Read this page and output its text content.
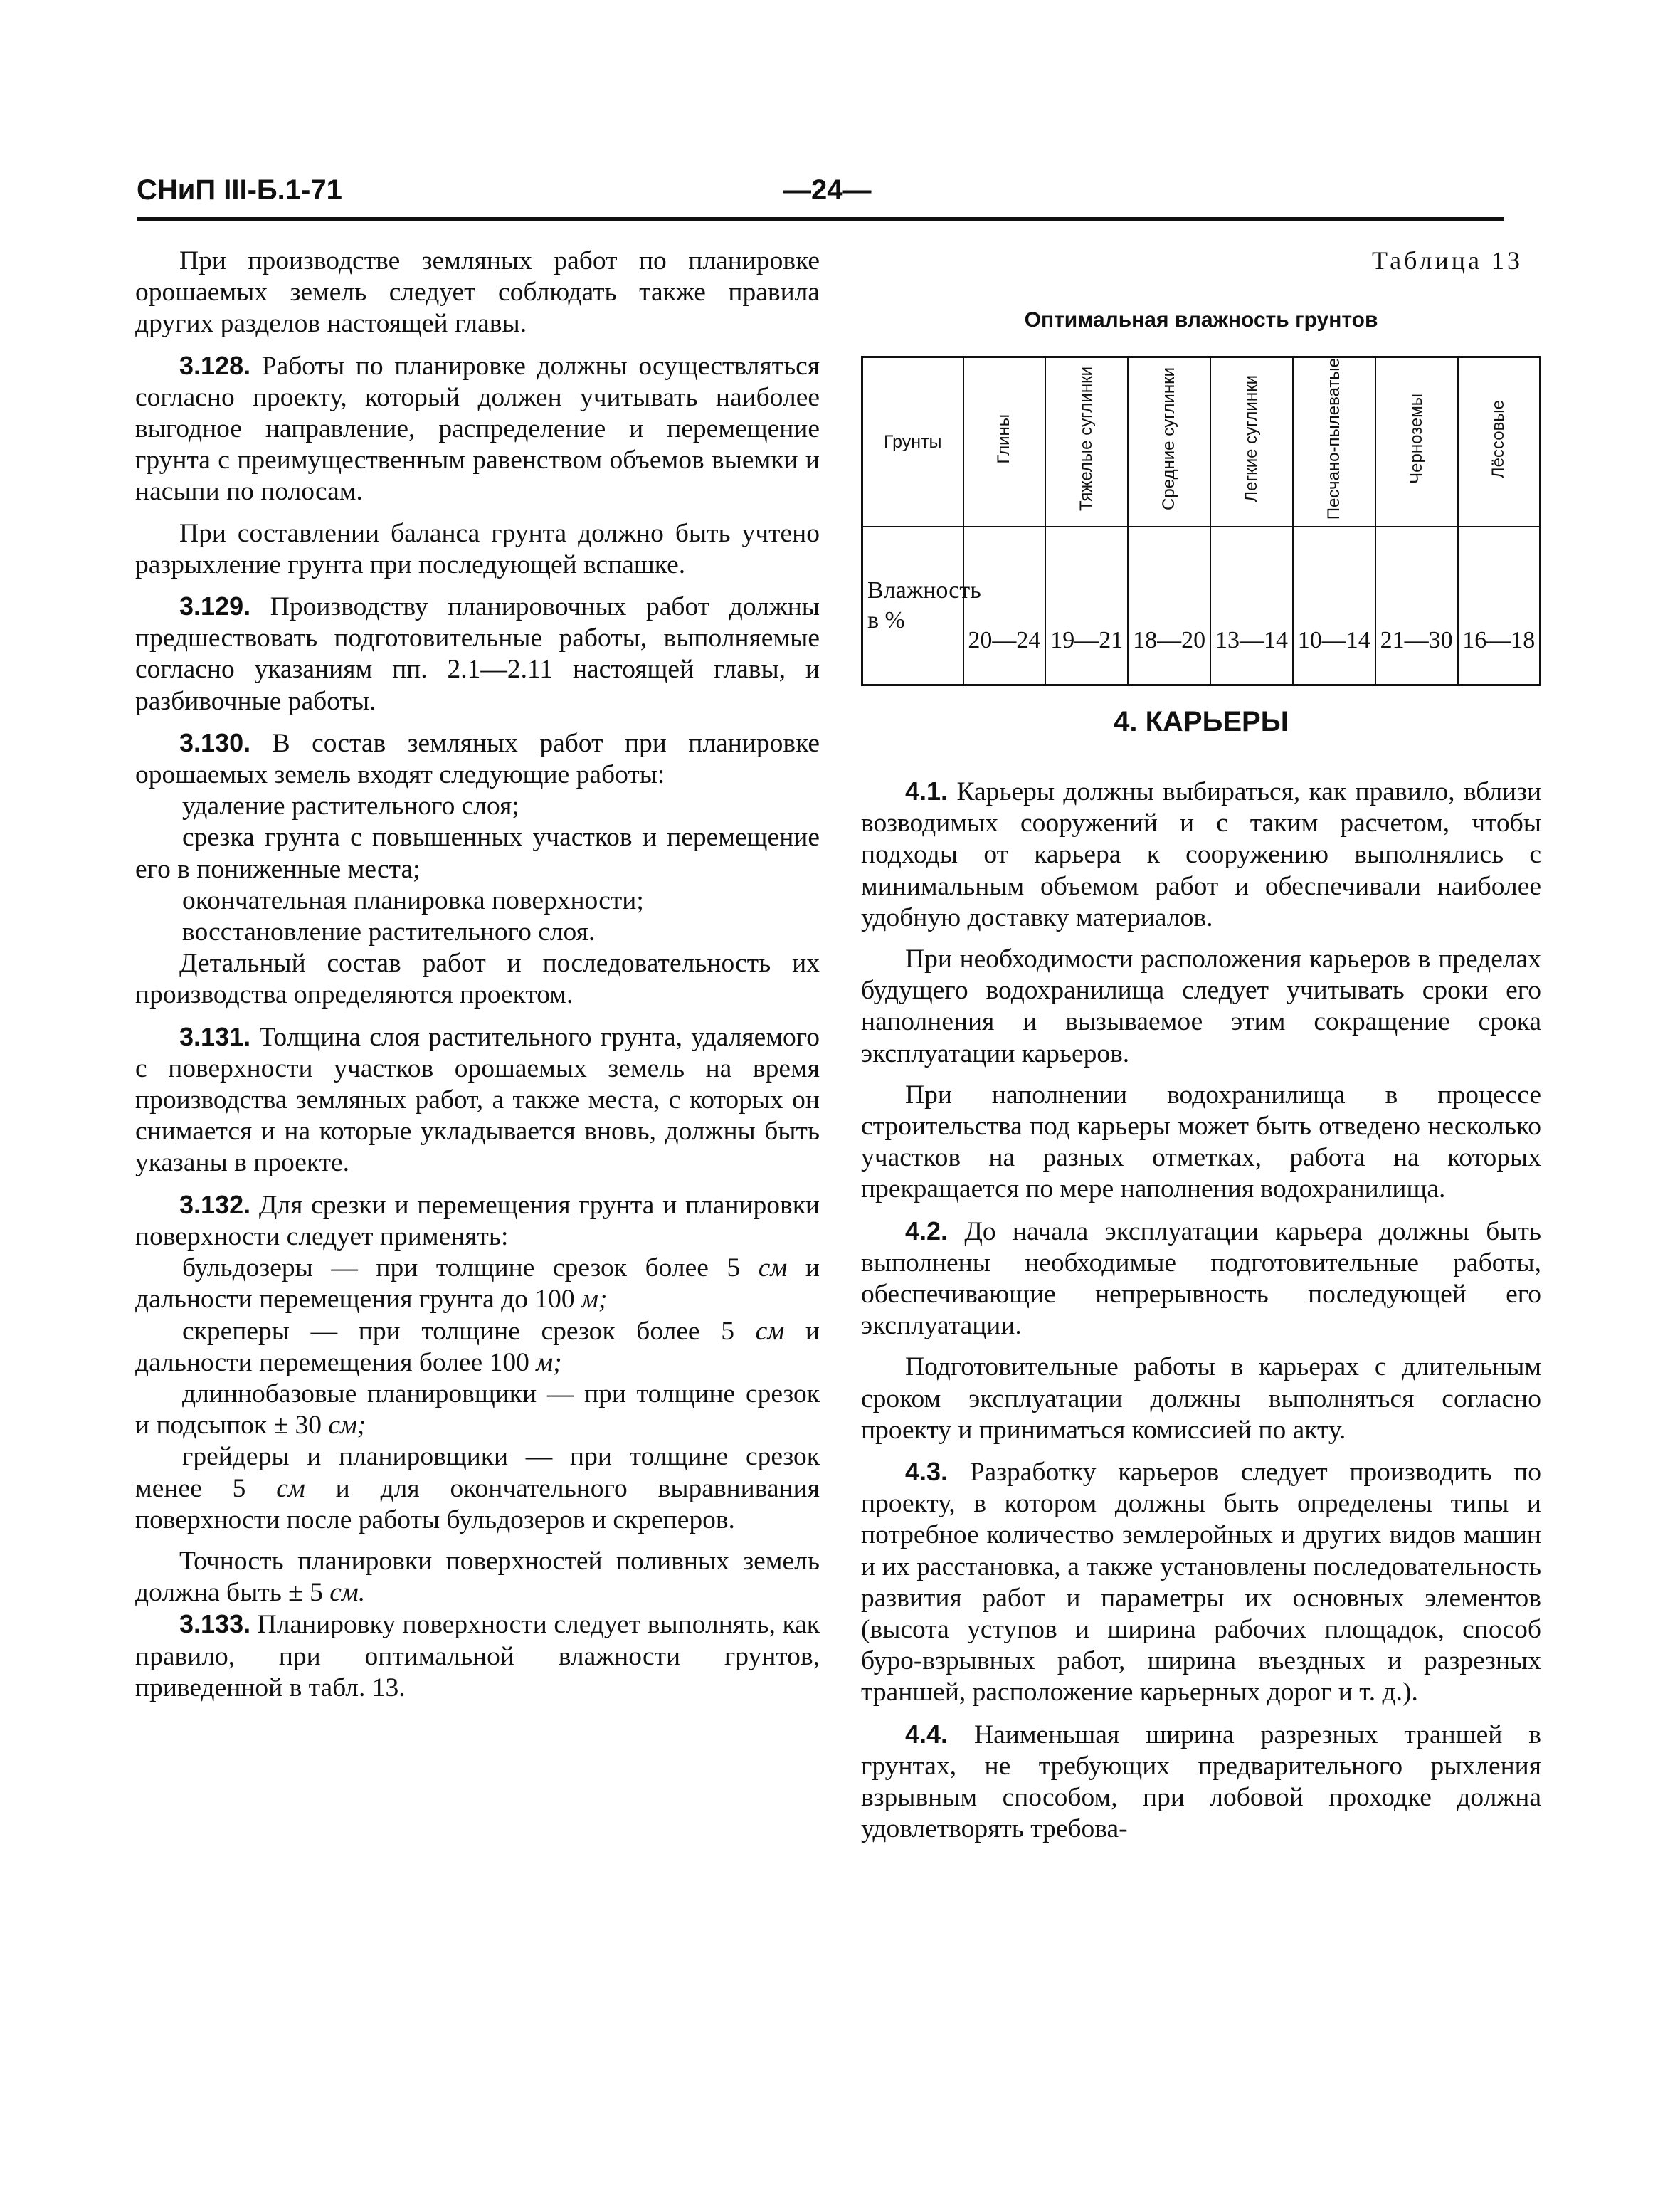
СНиП III-Б.1-71	—24—

При производстве земляных работ по планировке орошаемых земель следует соблюдать также правила других разделов настоящей главы.

3.128. Работы по планировке должны осуществляться согласно проекту, который должен учитывать наиболее выгодное направление, распределение и перемещение грунта с преимущественным равенством объемов выемки и насыпи по полосам.

При составлении баланса грунта должно быть учтено разрыхление грунта при последующей вспашке.

3.129. Производству планировочных работ должны предшествовать подготовительные работы, выполняемые согласно указаниям пп. 2.1—2.11 настоящей главы, и разбивочные работы.

3.130. В состав земляных работ при планировке орошаемых земель входят следующие работы:

удаление растительного слоя;

срезка грунта с повышенных участков и перемещение его в пониженные места;

окончательная планировка поверхности;

восстановление растительного слоя.

Детальный состав работ и последовательность их производства определяются проектом.

3.131. Толщина слоя растительного грунта, удаляемого с поверхности участков орошаемых земель на время производства земляных работ, а также места, с которых он снимается и на которые укладывается вновь, должны быть указаны в проекте.

3.132. Для срезки и перемещения грунта и планировки поверхности следует применять:

бульдозеры — при толщине срезок более 5 см и дальности перемещения грунта до 100 м;

скреперы — при толщине срезок более 5 см и дальности перемещения более 100 м;

длиннобазовые планировщики — при толщине срезок и подсыпок ± 30 см;

грейдеры и планировщики — при толщине срезок менее 5 см и для окончательного выравнивания поверхности после работы бульдозеров и скреперов.

Точность планировки поверхностей поливных земель должна быть ± 5 см.

3.133. Планировку поверхности следует выполнять, как правило, при оптимальной влажности грунтов, приведенной в табл. 13.

Таблица 13
Оптимальная влажность грунтов
Грунты	Глины	Тяжелые суглинки	Средние суглинки	Легкие суглинки	Песчано-пылеватые	Черноземы	Лёссовые
Влажность в %	20—24	19—21	18—20	13—14	10—14	21—30	16—18
4. КАРЬЕРЫ

4.1. Карьеры должны выбираться, как правило, вблизи возводимых сооружений и с таким расчетом, чтобы подходы от карьера к сооружению выполнялись с минимальным объемом работ и обеспечивали наиболее удобную доставку материалов.

При необходимости расположения карьеров в пределах будущего водохранилища следует учитывать сроки его наполнения и вызываемое этим сокращение срока эксплуатации карьеров.

При наполнении водохранилища в процессе строительства под карьеры может быть отведено несколько участков на разных отметках, работа на которых прекращается по мере наполнения водохранилища.

4.2. До начала эксплуатации карьера должны быть выполнены необходимые подготовительные работы, обеспечивающие непрерывность последующей его эксплуатации.

Подготовительные работы в карьерах с длительным сроком эксплуатации должны выполняться согласно проекту и приниматься комиссией по акту.

4.3. Разработку карьеров следует производить по проекту, в котором должны быть определены типы и потребное количество землеройных и других видов машин и их расстановка, а также установлены последовательность развития работ и параметры их основных элементов (высота уступов и ширина рабочих площадок, способ буро-взрывных работ, ширина въездных и разрезных траншей, расположение карьерных дорог и т. д.).

4.4. Наименьшая ширина разрезных траншей в грунтах, не требующих предварительного рыхления взрывным способом, при лобовой проходке должна удовлетворять требова-
